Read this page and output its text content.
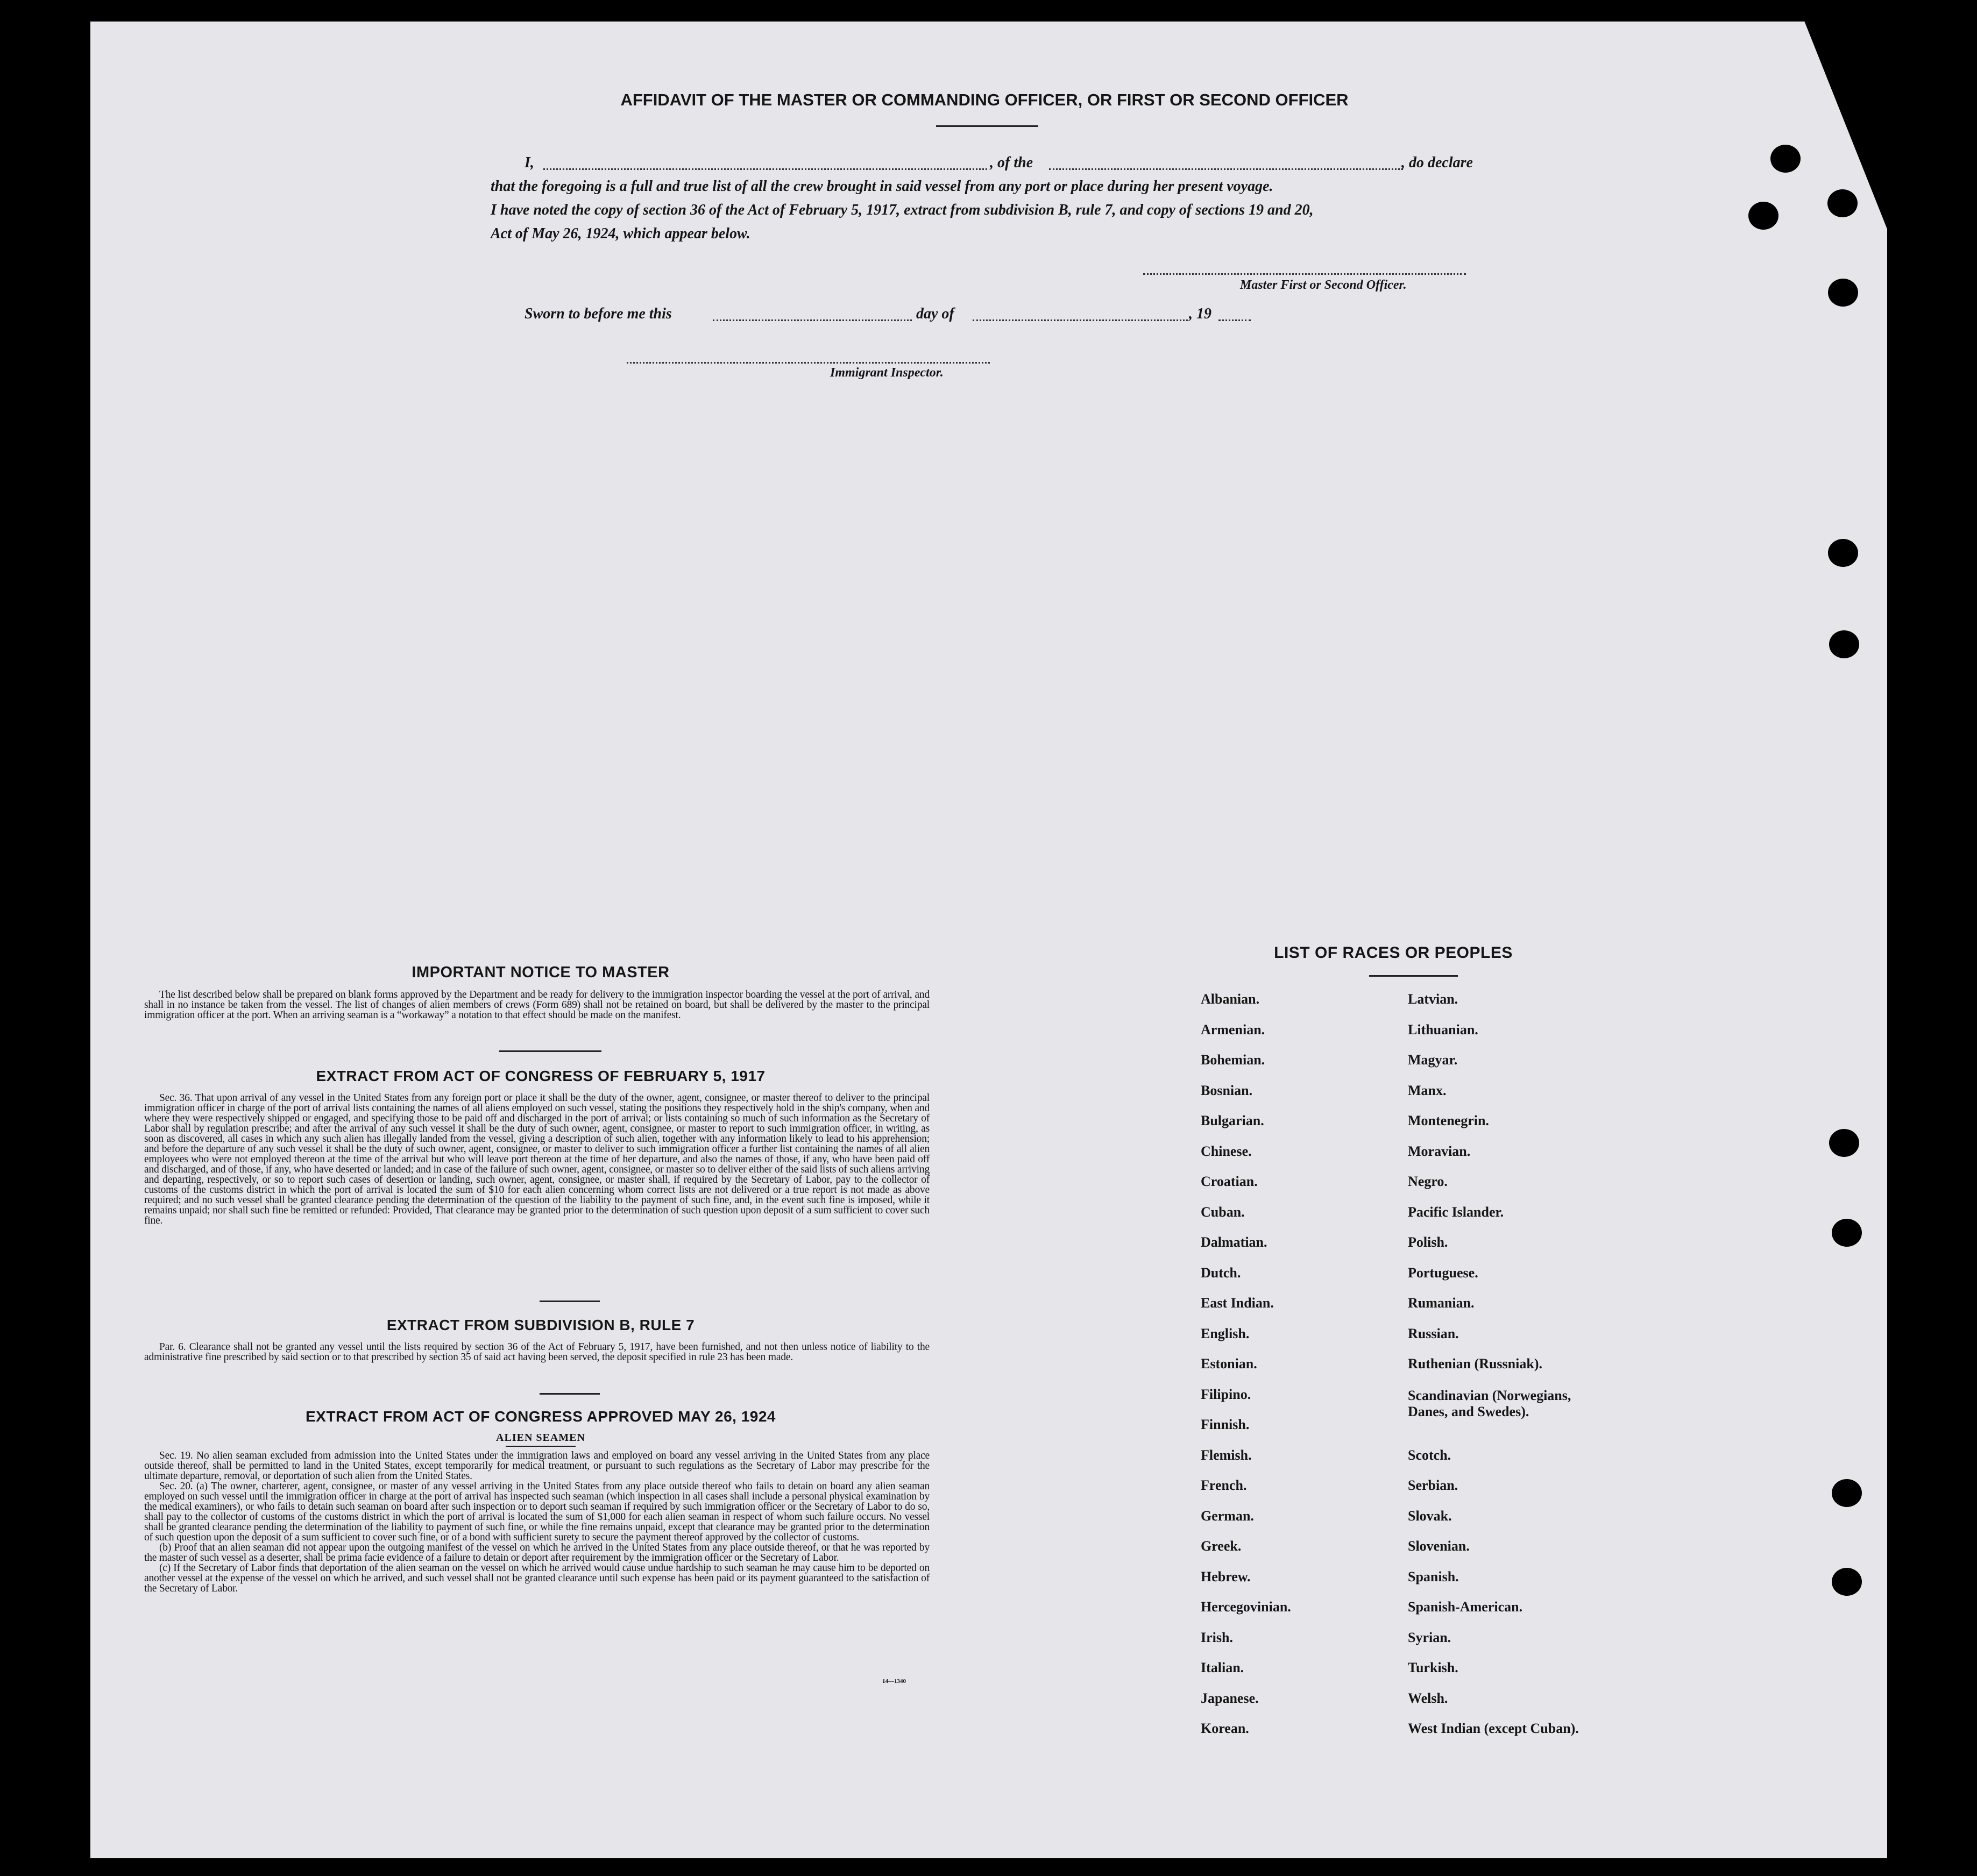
AFFIDAVIT OF THE MASTER OR COMMANDING OFFICER, OR FIRST OR SECOND OFFICER
I,	, of the	, do declare
that the foregoing is a full and true list of all the crew brought in said vessel from any port or place during her present voyage.
I have noted the copy of section 36 of the Act of February 5, 1917, extract from subdivision B, rule 7, and copy of sections 19 and 20,
Act of May 26, 1924, which appear below.
Master First or Second Officer.
Sworn to before me this	day of	, 19
Immigrant Inspector.
IMPORTANT NOTICE TO MASTER

The list described below shall be prepared on blank forms approved by the Department and be ready for delivery to the immigration inspector boarding the vessel at the port of arrival, and shall in no instance be taken from the vessel. The list of changes of alien members of crews (Form 689) shall not be retained on board, but shall be delivered by the master to the principal immigration officer at the port. When an arriving seaman is a “workaway” a notation to that effect should be made on the manifest.

EXTRACT FROM ACT OF CONGRESS OF FEBRUARY 5, 1917

Sec. 36. That upon arrival of any vessel in the United States from any foreign port or place it shall be the duty of the owner, agent, consignee, or master thereof to deliver to the principal immigration officer in charge of the port of arrival lists containing the names of all aliens employed on such vessel, stating the positions they respectively hold in the ship's company, when and where they were respectively shipped or engaged, and specifying those to be paid off and discharged in the port of arrival; or lists containing so much of such information as the Secretary of Labor shall by regulation prescribe; and after the arrival of any such vessel it shall be the duty of such owner, agent, consignee, or master to report to such immigration officer, in writing, as soon as discovered, all cases in which any such alien has illegally landed from the vessel, giving a description of such alien, together with any information likely to lead to his apprehension; and before the departure of any such vessel it shall be the duty of such owner, agent, consignee, or master to deliver to such immigration officer a further list containing the names of all alien employees who were not employed thereon at the time of the arrival but who will leave port thereon at the time of her departure, and also the names of those, if any, who have been paid off and discharged, and of those, if any, who have deserted or landed; and in case of the failure of such owner, agent, consignee, or master so to deliver either of the said lists of such aliens arriving and departing, respectively, or so to report such cases of desertion or landing, such owner, agent, consignee, or master shall, if required by the Secretary of Labor, pay to the collector of customs of the customs district in which the port of arrival is located the sum of $10 for each alien concerning whom correct lists are not delivered or a true report is not made as above required; and no such vessel shall be granted clearance pending the determination of the question of the liability to the payment of such fine, and, in the event such fine is imposed, while it remains unpaid; nor shall such fine be remitted or refunded: Provided, That clearance may be granted prior to the determination of such question upon deposit of a sum sufficient to cover such fine.

EXTRACT FROM SUBDIVISION B, RULE 7

Par. 6. Clearance shall not be granted any vessel until the lists required by section 36 of the Act of February 5, 1917, have been furnished, and not then unless notice of liability to the administrative fine prescribed by said section or to that prescribed by section 35 of said act having been served, the deposit specified in rule 23 has been made.

EXTRACT FROM ACT OF CONGRESS APPROVED MAY 26, 1924
ALIEN SEAMEN

Sec. 19. No alien seaman excluded from admission into the United States under the immigration laws and employed on board any vessel arriving in the United States from any place outside thereof, shall be permitted to land in the United States, except temporarily for medical treatment, or pursuant to such regulations as the Secretary of Labor may prescribe for the ultimate departure, removal, or deportation of such alien from the United States.

Sec. 20. (a) The owner, charterer, agent, consignee, or master of any vessel arriving in the United States from any place outside thereof who fails to detain on board any alien seaman employed on such vessel until the immigration officer in charge at the port of arrival has inspected such seaman (which inspection in all cases shall include a personal physical examination by the medical examiners), or who fails to detain such seaman on board after such inspection or to deport such seaman if required by such immigration officer or the Secretary of Labor to do so, shall pay to the collector of customs of the customs district in which the port of arrival is located the sum of $1,000 for each alien seaman in respect of whom such failure occurs. No vessel shall be granted clearance pending the determination of the liability to payment of such fine, or while the fine remains unpaid, except that clearance may be granted prior to the determination of such question upon the deposit of a sum sufficient to cover such fine, or of a bond with sufficient surety to secure the payment thereof approved by the collector of customs.

(b) Proof that an alien seaman did not appear upon the outgoing manifest of the vessel on which he arrived in the United States from any place outside thereof, or that he was reported by the master of such vessel as a deserter, shall be prima facie evidence of a failure to detain or deport after requirement by the immigration officer or the Secretary of Labor.

(c) If the Secretary of Labor finds that deportation of the alien seaman on the vessel on which he arrived would cause undue hardship to such seaman he may cause him to be deported on another vessel at the expense of the vessel on which he arrived, and such vessel shall not be granted clearance until such expense has been paid or its payment guaranteed to the satisfaction of the Secretary of Labor.

14—1340
LIST OF RACES OR PEOPLES
Albanian.
Armenian.
Bohemian.
Bosnian.
Bulgarian.
Chinese.
Croatian.
Cuban.
Dalmatian.
Dutch.
East Indian.
English.
Estonian.
Filipino.
Finnish.
Flemish.
French.
German.
Greek.
Hebrew.
Hercegovinian.
Irish.
Italian.
Japanese.
Korean.
Latvian.
Lithuanian.
Magyar.
Manx.
Montenegrin.
Moravian.
Negro.
Pacific Islander.
Polish.
Portuguese.
Rumanian.
Russian.
Ruthenian (Russniak).
Scandinavian (Norwegians, Danes, and Swedes).
Scotch.
Serbian.
Slovak.
Slovenian.
Spanish.
Spanish-American.
Syrian.
Turkish.
Welsh.
West Indian (except Cuban).
